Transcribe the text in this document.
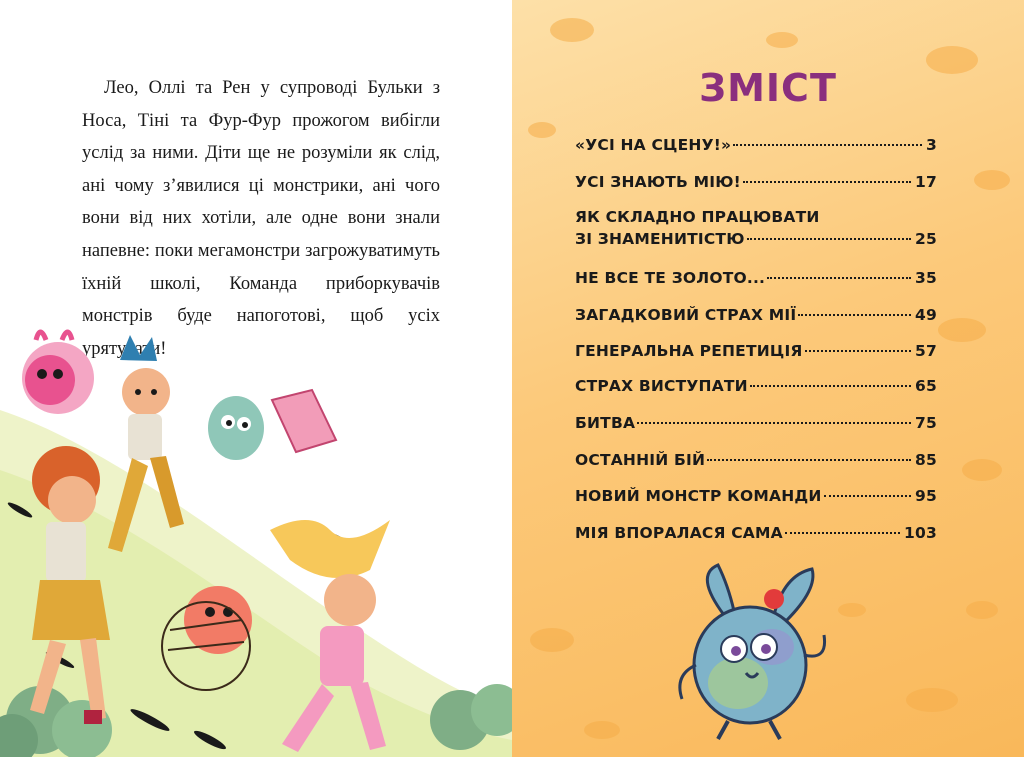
Лео, Оллі та Рен у супроводі Бульки з Носа, Тіні та Фур-Фур прожогом вибігли услід за ними. Діти ще не розуміли як слід, ані чому з’явилися ці монстрики, ані чого вони від них хотіли, але одне вони знали напевне: поки мегамонстри загрожуватимуть їхній школі, Команда приборкувачів монстрів буде напоготові, щоб усіх урятувати!

ЗМІСТ
«УСІ НА СЦЕНУ!»	3
УСІ ЗНАЮТЬ МІЮ!	17
ЯК СКЛАДНО ПРАЦЮВАТИ
ЗІ ЗНАМЕНИТІСТЮ	25
НЕ ВСЕ ТЕ ЗОЛОТО...	35
ЗАГАДКОВИЙ СТРАХ МІЇ	49
ГЕНЕРАЛЬНА РЕПЕТИЦІЯ	57
СТРАХ ВИСТУПАТИ	65
БИТВА	75
ОСТАННІЙ БІЙ	85
НОВИЙ МОНСТР КОМАНДИ	95
МІЯ ВПОРАЛАСЯ САМА	103
